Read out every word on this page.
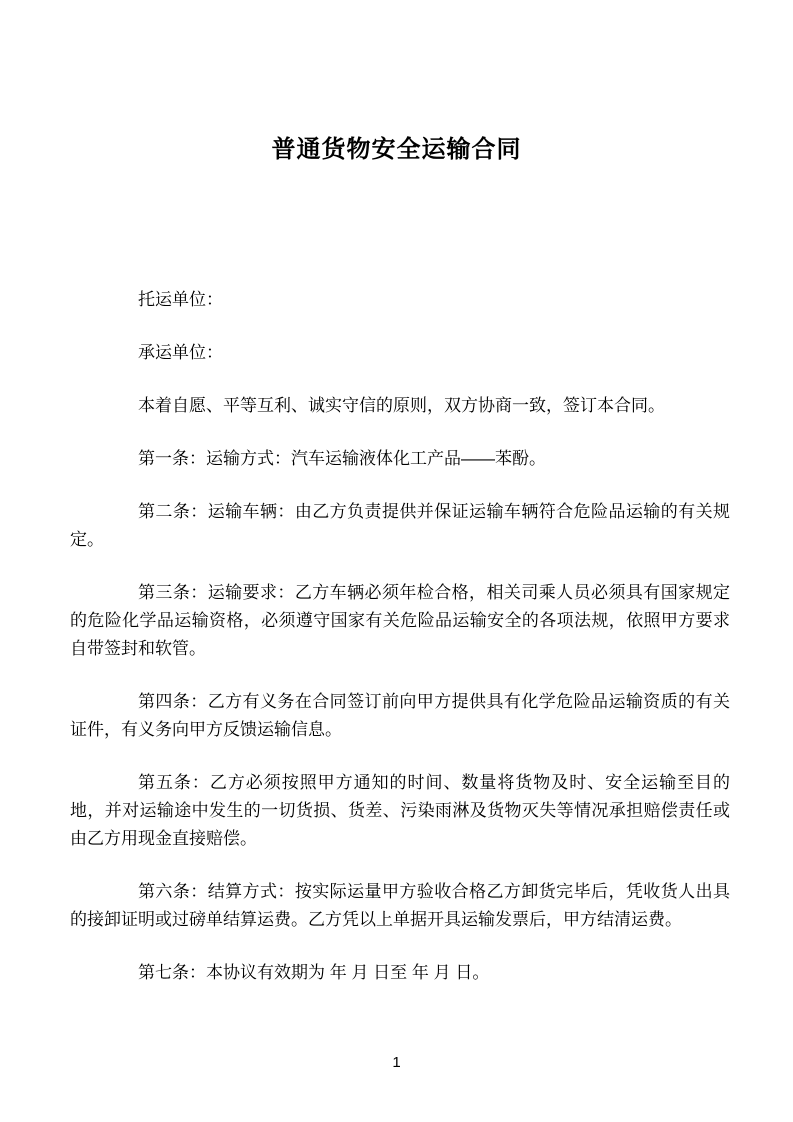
普通货物安全运输合同

托运单位：

承运单位：

本着自愿、平等互利、诚实守信的原则，双方协商一致，签订本合同。

第一条：运输方式：汽车运输液体化工产品——苯酚。

第二条：运输车辆：由乙方负责提供并保证运输车辆符合危险品运输的有关规定。

第三条：运输要求：乙方车辆必须年检合格，相关司乘人员必须具有国家规定的危险化学品运输资格，必须遵守国家有关危险品运输安全的各项法规，依照甲方要求自带签封和软管。

第四条：乙方有义务在合同签订前向甲方提供具有化学危险品运输资质的有关证件，有义务向甲方反馈运输信息。

第五条：乙方必须按照甲方通知的时间、数量将货物及时、安全运输至目的地，并对运输途中发生的一切货损、货差、污染雨淋及货物灭失等情况承担赔偿责任或由乙方用现金直接赔偿。

第六条：结算方式：按实际运量甲方验收合格乙方卸货完毕后，凭收货人出具的接卸证明或过磅单结算运费。乙方凭以上单据开具运输发票后，甲方结清运费。

第七条：本协议有效期为 年 月 日至 年 月 日。

1
